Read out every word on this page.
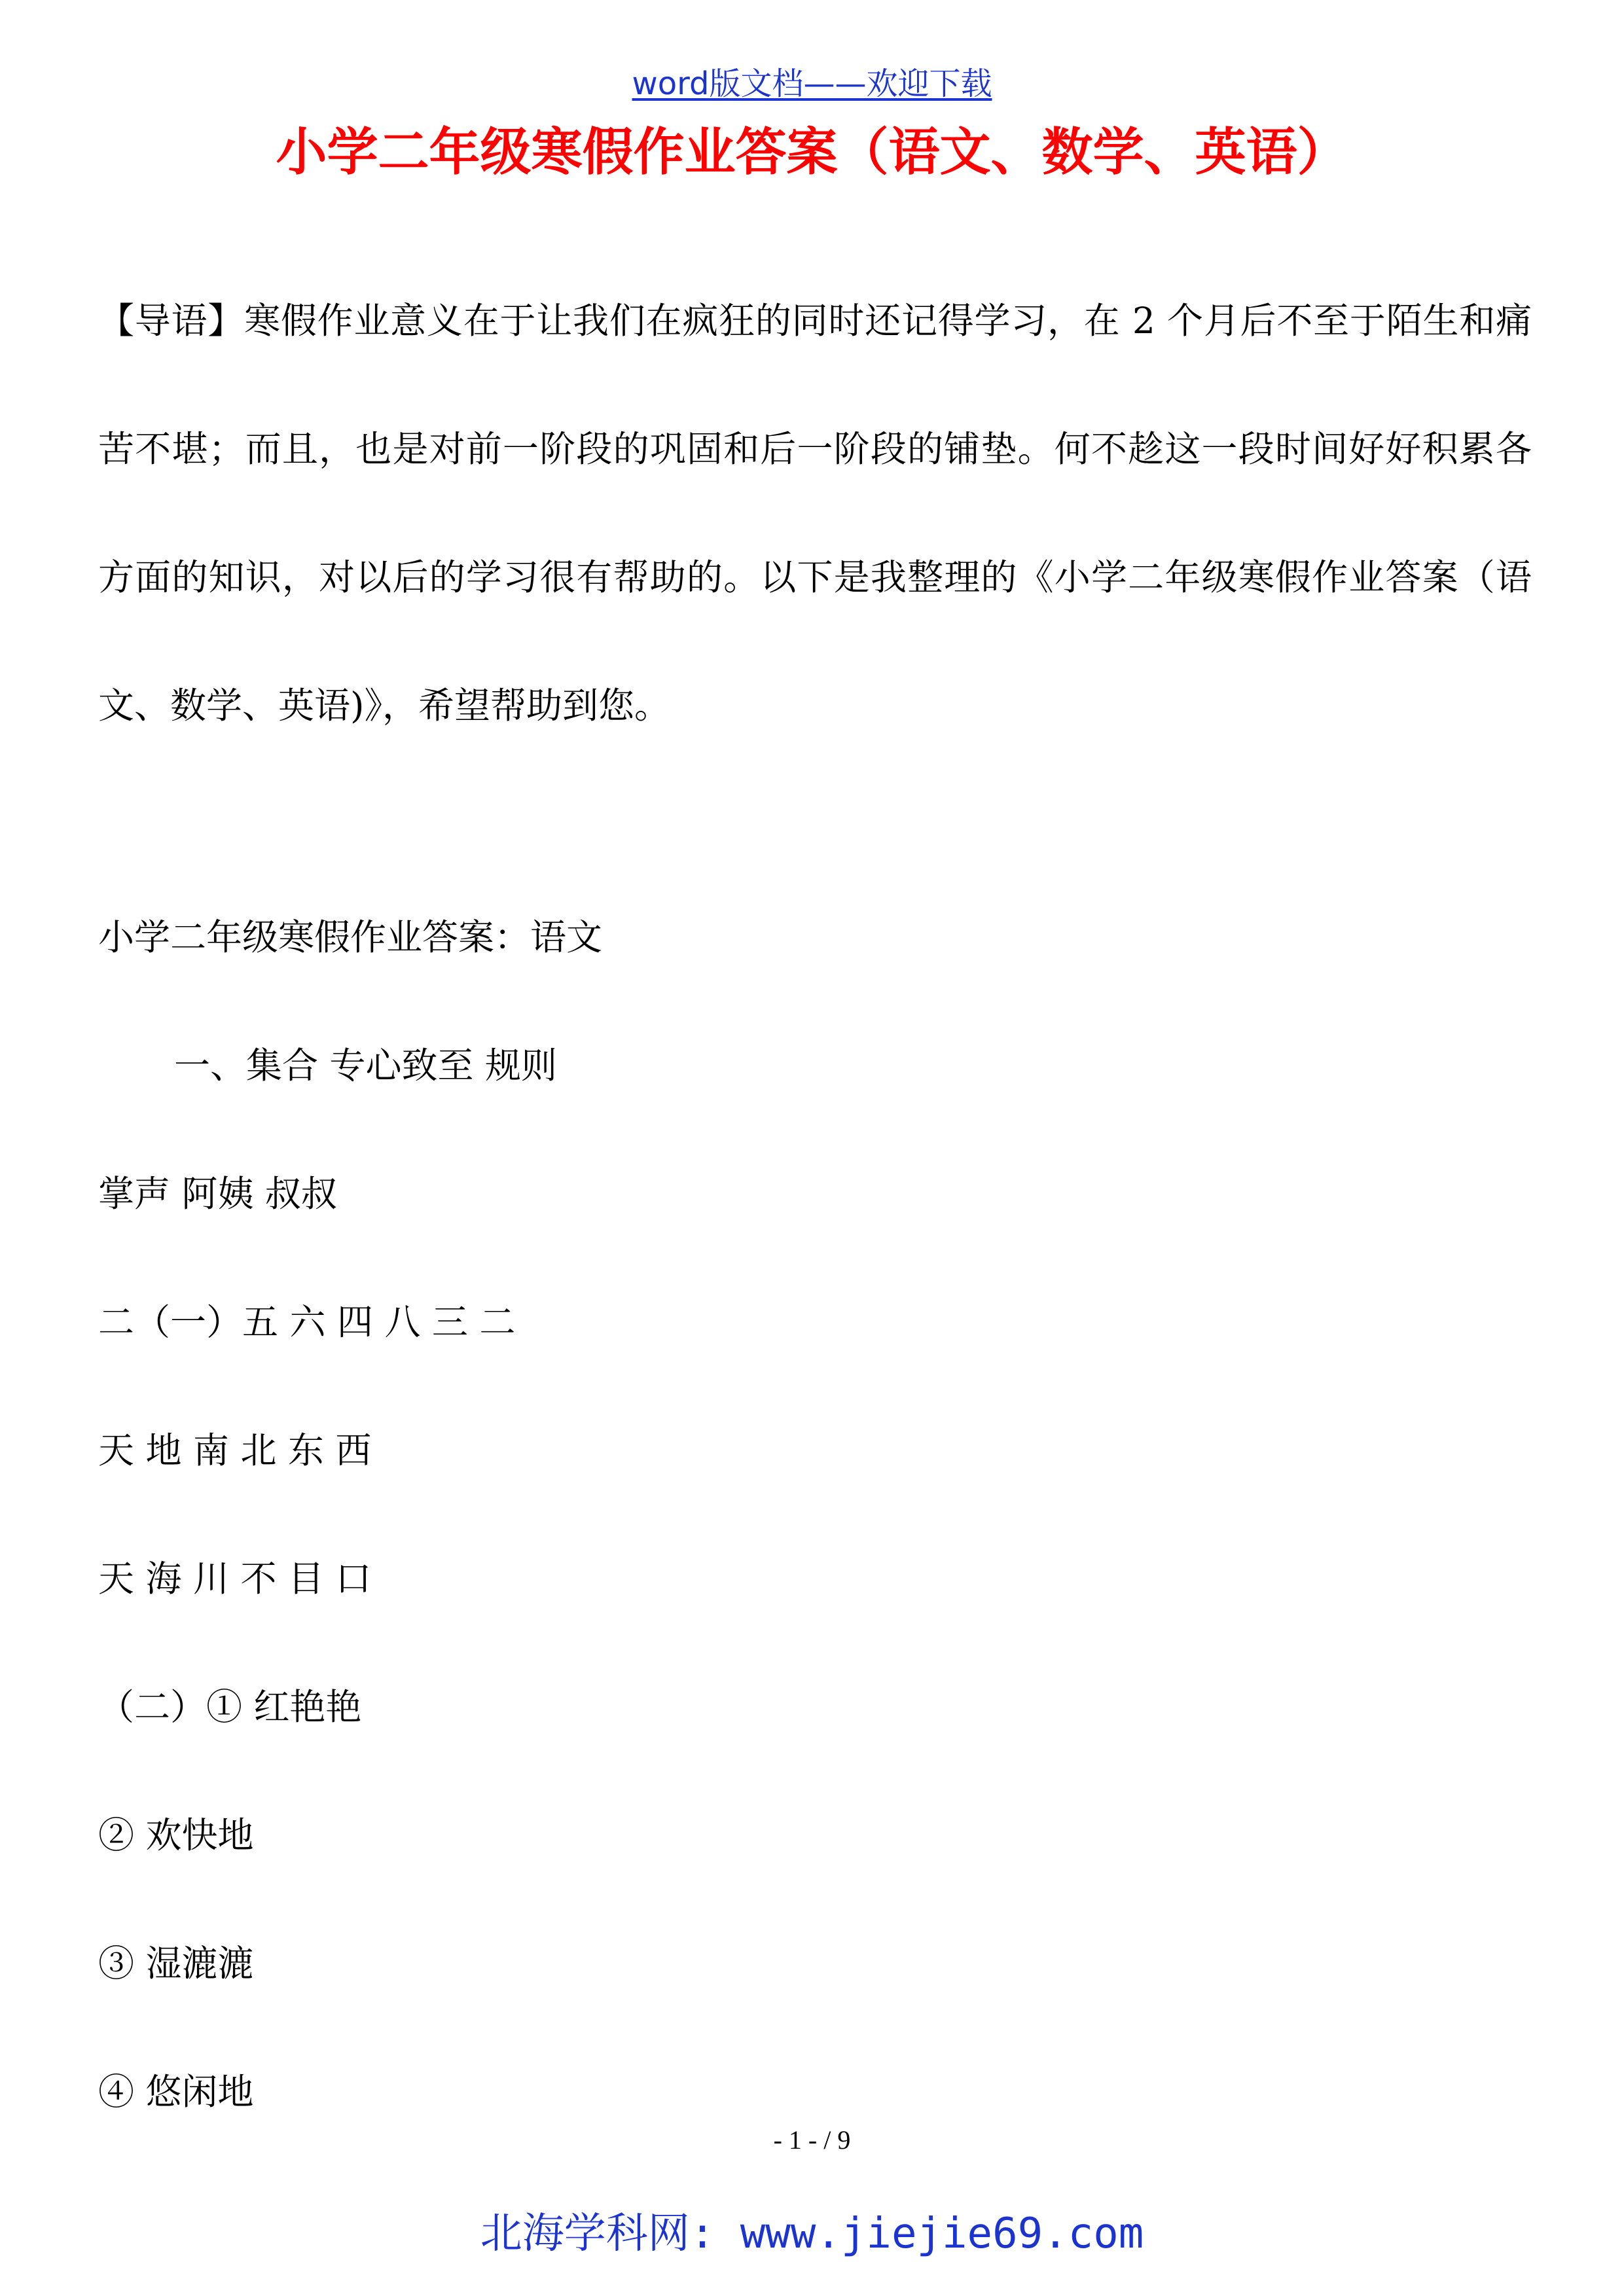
word版文档——欢迎下载
小学二年级寒假作业答案（语文、数学、英语）

【导语】寒假作业意义在于让我们在疯狂的同时还记得学习，在 2 个月后不至于陌生和痛苦不堪；而且，也是对前一阶段的巩固和后一阶段的铺垫。何不趁这一段时间好好积累各方面的知识，对以后的学习很有帮助的。以下是我整理的《小学二年级寒假作业答案（语文、数学、英语)》，希望帮助到您。

小学二年级寒假作业答案：语文

一、集合 专心致至 规则

掌声 阿姨 叔叔

二（一）五 六 四 八 三 二

天 地 南 北 东 西

天 海 川 不 目 口

（二）① 红艳艳

② 欢快地

③ 湿漉漉

④ 悠闲地

- 1 - / 9
北海学科网: www.jiejie69.com
